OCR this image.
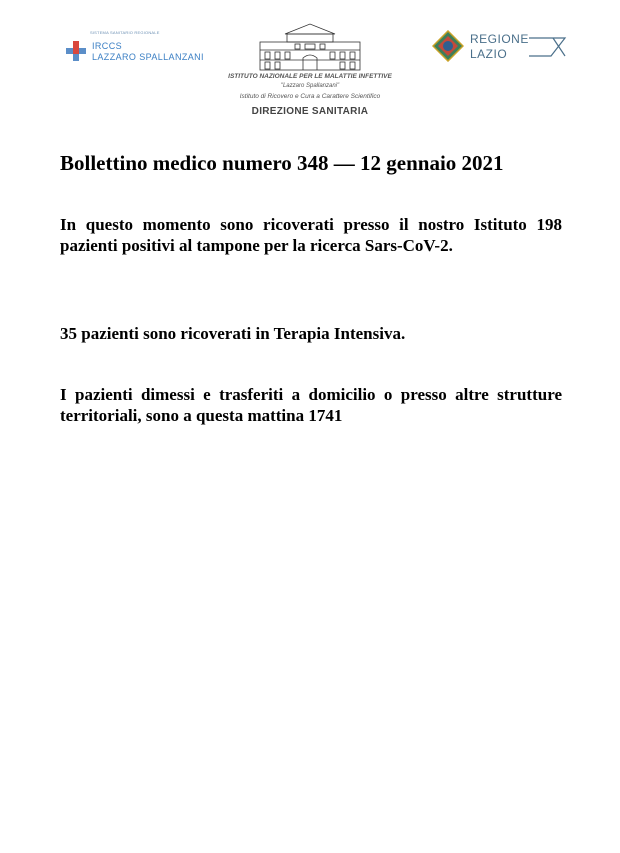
SISTEMA SANITARIO REGIONALE
IRCCS
LAZZARO SPALLANZANI
ISTITUTO NAZIONALE PER LE MALATTIE INFETTIVE
"Lazzaro Spallanzani"
Istituto di Ricovero e Cura a Carattere Scientifico
DIREZIONE SANITARIA
REGIONE
LAZIO
Bollettino medico numero 348 — 12 gennaio 2021
In questo momento sono ricoverati presso il nostro Istituto 198 pazienti positivi al tampone per la ricerca Sars-CoV-2.
35 pazienti sono ricoverati in Terapia Intensiva.
I pazienti dimessi e trasferiti a domicilio o presso altre strutture territoriali, sono a questa mattina 1741
